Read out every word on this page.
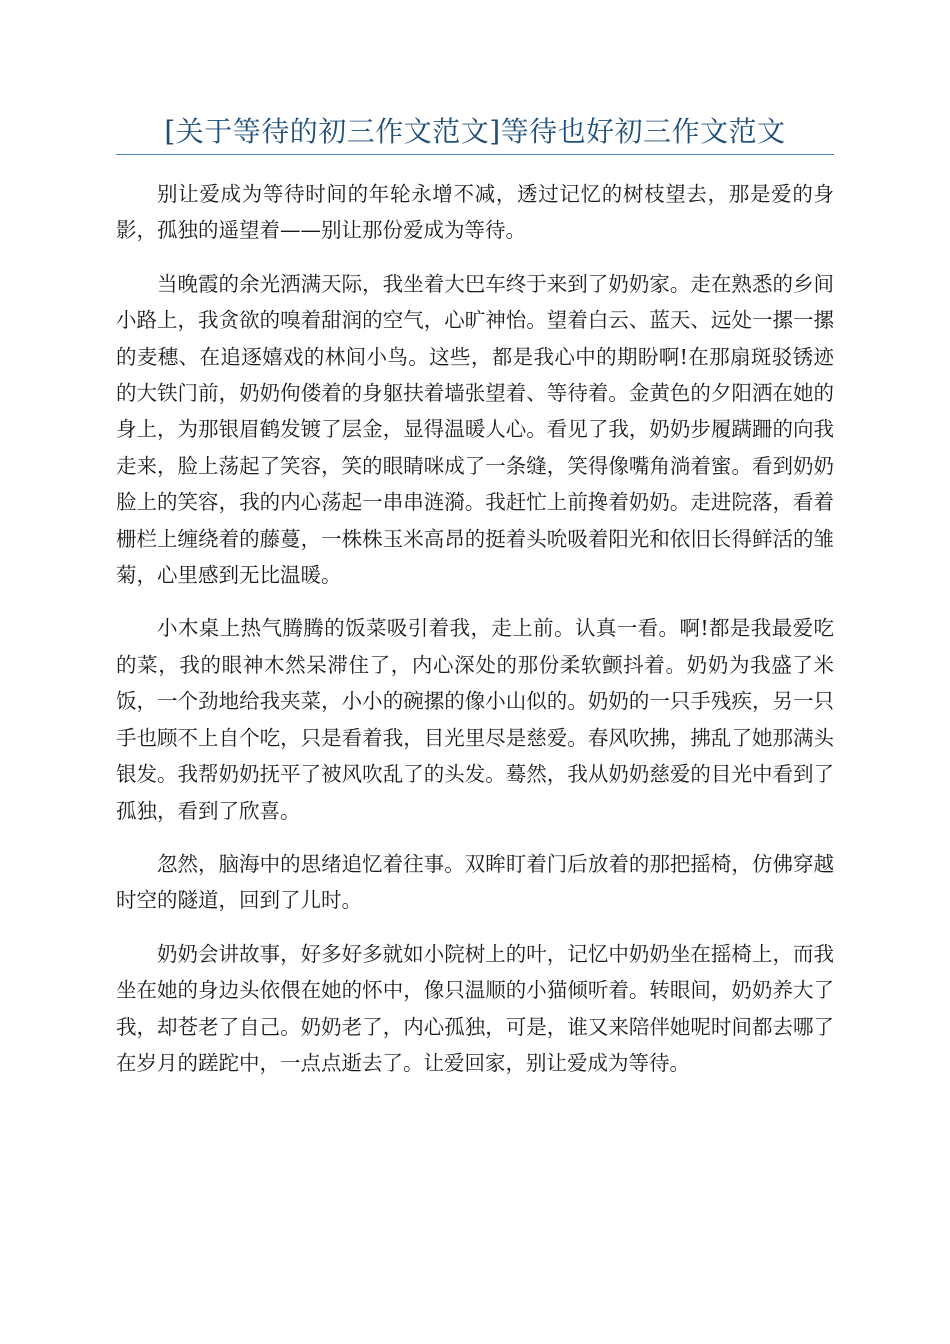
[关于等待的初三作文范文]等待也好初三作文范文

别让爱成为等待时间的年轮永增不减，透过记忆的树枝望去，那是爱的身影，孤独的遥望着——别让那份爱成为等待。

当晚霞的余光洒满天际，我坐着大巴车终于来到了奶奶家。走在熟悉的乡间小路上，我贪欲的嗅着甜润的空气，心旷神怡。望着白云、蓝天、远处一摞一摞的麦穗、在追逐嬉戏的林间小鸟。这些，都是我心中的期盼啊!在那扇斑驳锈迹的大铁门前，奶奶佝偻着的身躯扶着墙张望着、等待着。金黄色的夕阳洒在她的身上，为那银眉鹤发镀了层金，显得温暖人心。看见了我，奶奶步履蹒跚的向我走来，脸上荡起了笑容，笑的眼睛咪成了一条缝，笑得像嘴角淌着蜜。看到奶奶脸上的笑容，我的内心荡起一串串涟漪。我赶忙上前搀着奶奶。走进院落，看着栅栏上缠绕着的藤蔓，一株株玉米高昂的挺着头吮吸着阳光和依旧长得鲜活的雏菊，心里感到无比温暖。

小木桌上热气腾腾的饭菜吸引着我，走上前。认真一看。啊!都是我最爱吃的菜，我的眼神木然呆滞住了，内心深处的那份柔软颤抖着。奶奶为我盛了米饭，一个劲地给我夹菜，小小的碗摞的像小山似的。奶奶的一只手残疾，另一只手也顾不上自个吃，只是看着我，目光里尽是慈爱。春风吹拂，拂乱了她那满头银发。我帮奶奶抚平了被风吹乱了的头发。蓦然，我从奶奶慈爱的目光中看到了孤独，看到了欣喜。

忽然，脑海中的思绪追忆着往事。双眸盯着门后放着的那把摇椅，仿佛穿越时空的隧道，回到了儿时。

奶奶会讲故事，好多好多就如小院树上的叶，记忆中奶奶坐在摇椅上，而我坐在她的身边头依偎在她的怀中，像只温顺的小猫倾听着。转眼间，奶奶养大了我，却苍老了自己。奶奶老了，内心孤独，可是，谁又来陪伴她呢时间都去哪了在岁月的蹉跎中，一点点逝去了。让爱回家，别让爱成为等待。
